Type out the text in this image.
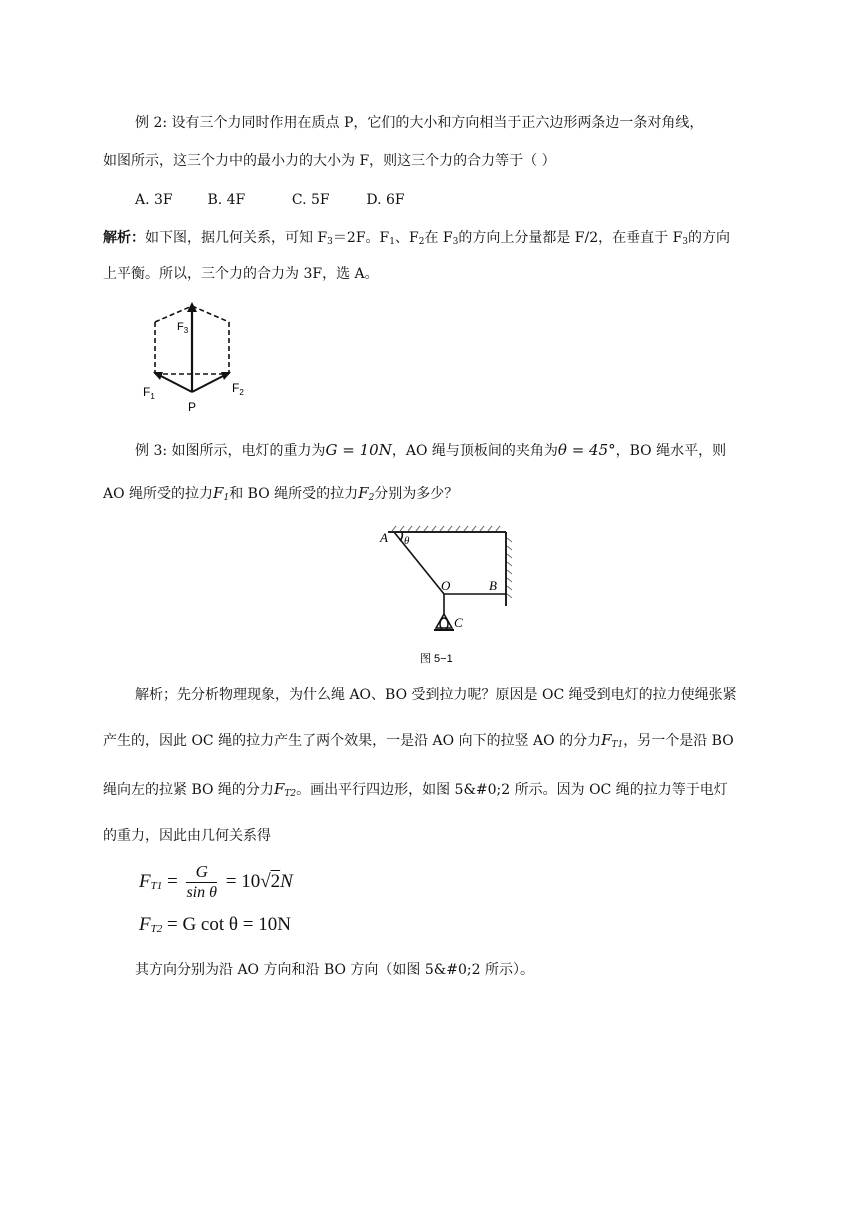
例 2: 设有三个力同时作用在质点 P，它们的大小和方向相当于正六边形两条边一条对角线，
如图所示，这三个力中的最小力的大小为 F，则这三个力的合力等于（ ）
A. 3F B. 4F	C. 5F	D. 6F
解析：如下图，据几何关系，可知 $F_3=2F$。$F_1$、$F_2$在 $F_3$的方向上分量都是 F/2，在垂直于 $F_3$的方向
上平衡。所以，三个力的合力为 3F，选 A。
$F_3$
$F_1$
$F_2$
P
例 3: 如图所示，电灯的重力为G = 10N，AO 绳与顶板间的夹角为θ = 45°，BO 绳水平，则
AO 绳所受的拉力$F_1$和 BO 绳所受的拉力$F_2$分别为多少？
A θ
O	B
C
图 5−1
解析；先分析物理现象，为什么绳 AO、BO 受到拉力呢？原因是 OC 绳受到电灯的拉力使绳张紧
产生的，因此 OC 绳的拉力产生了两个效果，一是沿 AO 向下的拉竖 AO 的分力$F_{T1}$，另一个是沿 BO
绳向左的拉紧 BO 绳的分力$F_{T2}$。画出平行四边形，如图 5&#0;2 所示。因为 OC 绳的拉力等于电灯
的重力，因此由几何关系得
$F_{T1} = \frac{G}{\text{sin θ}} = 10√2N$
$F_{T2} = G$ cot θ = 10N
其方向分别为沿 AO 方向和沿 BO 方向（如图 5&#0;2 所示）。
